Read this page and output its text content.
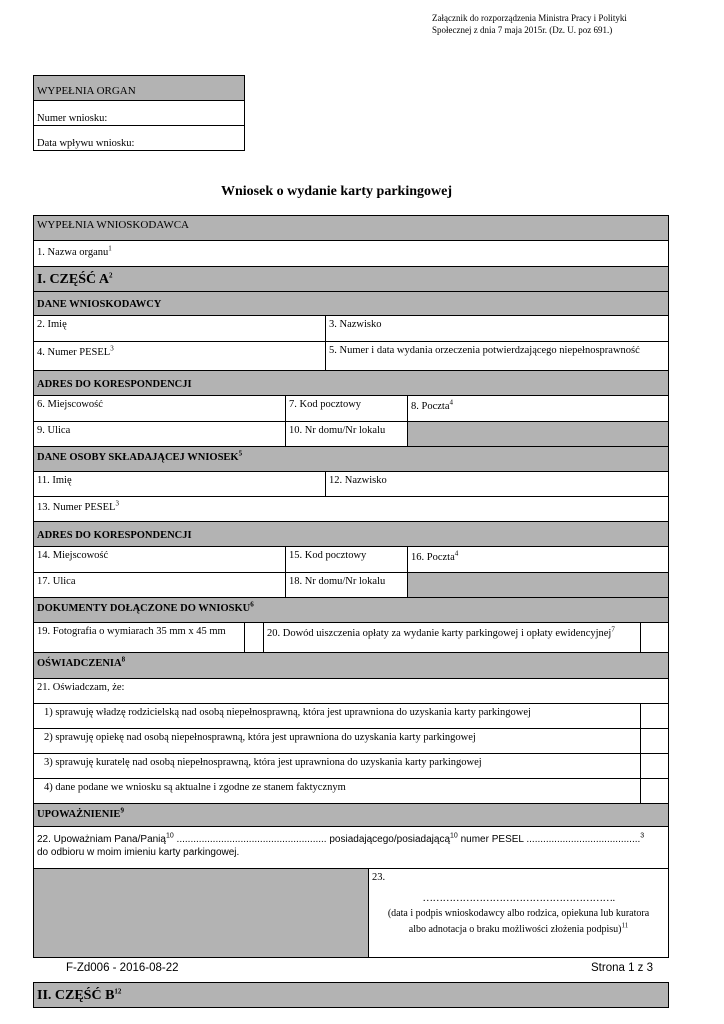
Załącznik do rozporządzenia Ministra Pracy i Polityki
Społecznej z dnia 7 maja 2015r. (Dz. U. poz 691.)
WYPEŁNIA ORGAN
Numer wniosku:
Data wpływu wniosku:
Wniosek o wydanie karty parkingowej
WYPEŁNIA WNIOSKODAWCA
1. Nazwa organu$^1$
I. CZĘŚĆ $A^2$
DANE WNIOSKODAWCY
2. Imię	3. Nazwisko
4. Numer PESEL$^3$	5. Numer i data wydania orzeczenia potwierdzającego niepełnosprawność
ADRES DO KORESPONDENCJI
6. Miejscowość	7. Kod pocztowy	8. Poczta$^4$
9. Ulica	10. Nr domu/Nr lokalu
DANE OSOBY SKŁADAJĄCEJ WNIOSEK$^5$
11. Imię	12. Nazwisko
13. Numer PESEL$^3$
ADRES DO KORESPONDENCJI
14. Miejscowość	15. Kod pocztowy	16. Poczta$^4$
17. Ulica	18. Nr domu/Nr lokalu
DOKUMENTY DOŁĄCZONE DO WNIOSKU$^6$
19. Fotografia o wymiarach 35 mm x 45 mm	20. Dowód uiszczenia opłaty za wydanie karty parkingowej i opłaty ewidencyjnej$^7$
OŚWIADCZENIA$^8$
21. Oświadczam, że:
1) sprawuję władzę rodzicielską nad osobą niepełnosprawną, która jest uprawniona do uzyskania karty parkingowej
2) sprawuję opiekę nad osobą niepełnosprawną, która jest uprawniona do uzyskania karty parkingowej
3) sprawuję kuratelę nad osobą niepełnosprawną, która jest uprawniona do uzyskania karty parkingowej
4) dane podane we wniosku są aktualne i zgodne ze stanem faktycznym
UPOWAŻNIENIE$^9$
22. Upoważniam Pana/Panią$^{10}$ ...................................................... posiadającego/posiadającą$^{10}$ numer PESEL .........................................$^3$
do odbioru w moim imieniu karty parkingowej.
23.
………………………………………………….
(data i podpis wnioskodawcy albo rodzica, opiekuna lub kuratora
albo adnotacja o braku możliwości złożenia podpisu)$^{11}$
F-Zd006 - 2016-08-22	Strona 1 z 3
II. CZĘŚĆ $B^{12}$
